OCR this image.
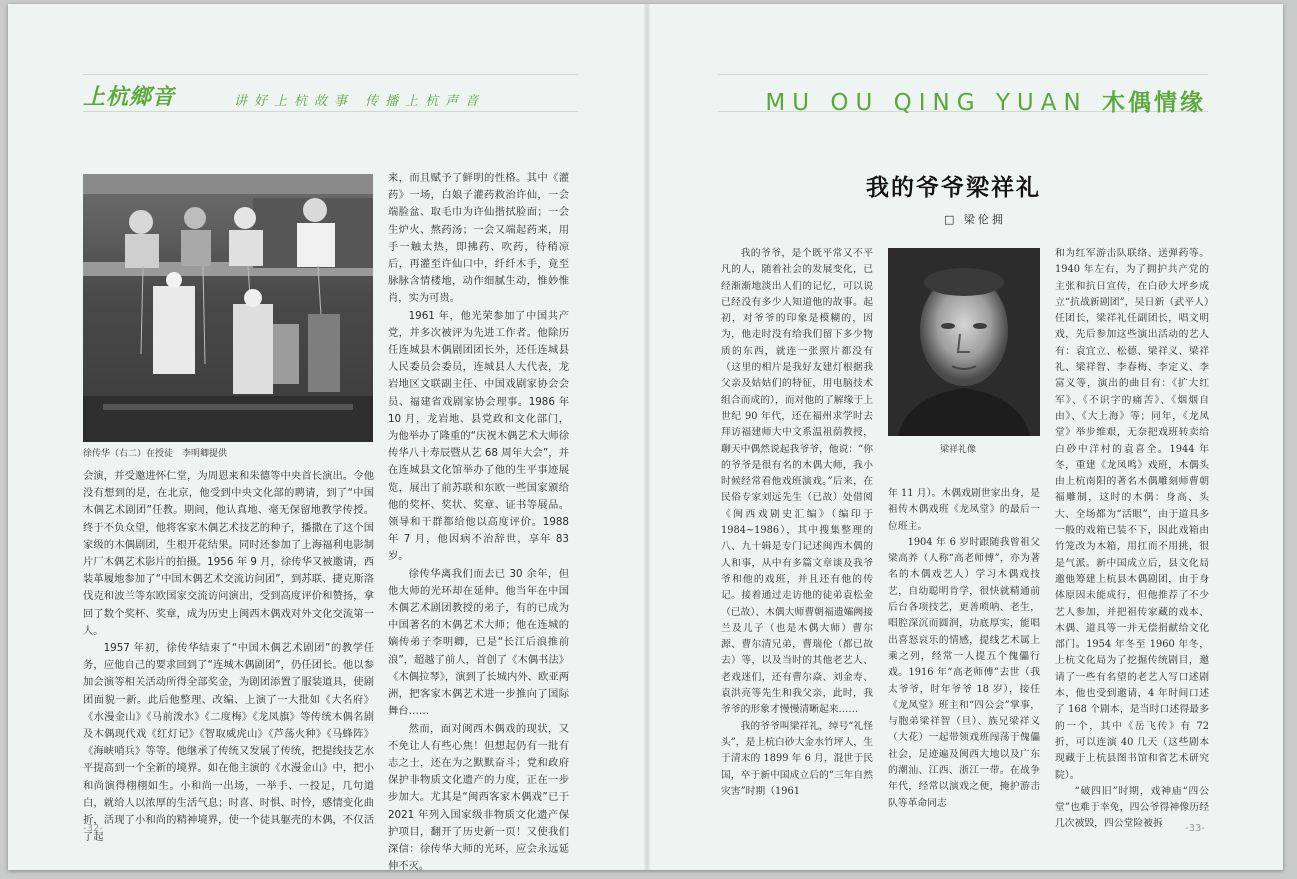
上杭鄉音	讲好上杭故事 传播上杭声音
徐传华（右二）在授徒　李明卿提供

会演，并受邀进怀仁堂，为周恩来和朱德等中央首长演出。令他没有想到的是，在北京，他受到中央文化部的聘请，到了“中国木偶艺术剧团”任教。期间，他认真地、毫无保留地教学传授。终于不负众望，他将客家木偶艺术技艺的种子，播撒在了这个国家级的木偶剧团，生根开花结果。同时还参加了上海福利电影制片厂木偶艺术影片的拍摄。1956 年 9 月，徐传华又被邀请，西装革履地参加了“中国木偶艺术交流访问团”，到苏联、捷克斯洛伐克和波兰等东欧国家交流访问演出，受到高度评价和赞扬，拿回了数个奖杯、奖章，成为历史上闽西木偶戏对外文化交流第一人。

1957 年初，徐传华结束了“中国木偶艺术剧团”的教学任务，应他自己的要求回到了“连城木偶剧团”，仍任团长。他以参加会演等相关活动所得全部奖金，为剧团添置了服装道具，使剧团面貌一新。此后他整理、改编、上演了一大批如《大名府》《水漫金山》《马前泼水》《二度梅》《龙凤旗》等传统木偶名剧及木偶现代戏《红灯记》《智取威虎山》《芦荡火种》《马蜂阵》《海峡哨兵》等等。他继承了传统又发展了传统，把提线技艺水平提高到一个全新的境界。如在他主演的《水漫金山》中，把小和尚演得栩栩如生。小和尚一出场，一举手、一投足，几句道白，就给人以浓厚的生活气息；时喜、时惧、时怜，感情变化曲折，活现了小和尚的精神境界，使一个徒具躯壳的木偶，不仅活了起

来，而且赋予了鲜明的性格。其中《灌药》一场，白娘子灌药救治许仙，一会端脸盆、取毛巾为许仙揩拭脸面；一会生炉火、熬药汤；一会又端起药来，用手一触太热，即拂药、吹药，待稍凉后，再灌至许仙口中，纤纤木手，竟至脉脉含情楼地，动作细腻生动，惟妙惟肖，实为可贵。

1961 年，他光荣参加了中国共产党，并多次被评为先进工作者。他除历任连城县木偶剧团团长外，还任连城县人民委员会委员，连城县人大代表，龙岩地区文联副主任、中国戏剧家协会会员、福建省戏剧家协会理事。1986 年 10 月，龙岩地、县党政和文化部门，为他举办了隆重的“庆祝木偶艺术大师徐传华八十寿辰暨从艺 68 周年大会”，并在连城县文化馆举办了他的生平事迹展览，展出了前苏联和东欧一些国家颁给他的奖杯、奖状、奖章、证书等展品。领导和干群都给他以高度评价。1988 年 7 月，他因病不治辞世，享年 83 岁。

徐传华离我们而去已 30 余年，但他大师的光环却在延伸。他当年在中国木偶艺术剧团教授的弟子，有的已成为中国著名的木偶艺术大师；他在连城的嫡传弟子李明卿，已是“长江后浪推前浪”，超越了前人，首创了《木偶书法》《木偶拉琴》，演到了长城内外、欧亚两洲，把客家木偶艺术进一步推向了国际舞台……

然而，面对闽西木偶戏的现状，又不免让人有些心焦！但想起仍有一批有志之士，还在为之默默奋斗；党和政府保护非物质文化遗产的力度，正在一步步加大。尤其是“闽西客家木偶戏”已于 2021 年列入国家级非物质文化遗产保护项目，翻开了历史新一页！又使我们深信：徐传华大师的光环，应会永远延伸不灭。

-32-
MU OU QING YUAN 木偶情缘
我的爷爷梁祥礼
□ 梁伦拥

我的爷爷，是个既平常又不平凡的人，随着社会的发展变化，已经渐渐地淡出人们的记忆，可以说已经没有多少人知道他的故事。起初，对爷爷的印象是模糊的，因为，他走时没有给我们留下多少物质的东西，就连一张照片都没有（这里的相片是我好友建灯根据我父亲及姑姑们的特征，用电脑技术组合而成的），而对他的了解缘于上世纪 90 年代，还在福州求学时去拜访福建师大中文系温祖荫教授，聊天中偶然说起我爷爷，他说：“你的爷爷是很有名的木偶大师，我小时候经常看他戏班演戏。”后来，在民俗专家刘远先生（已故）处借阅《闽西戏剧史汇编》（编印于 1984~1986），其中搜集整理的八、九十辑是专门记述闽西木偶的人和事，从中有多篇文章谈及我爷爷和他的戏班，并且还有他的传记。接着通过走访他的徒弟袁松金（已故）、木偶大师曹朝福遗孀阙接兰及儿子（也是木偶大师）曹尔源、曹尔清兄弟，曹瑞伦（都已故去）等，以及当时的其他老艺人、老戏迷们，还有曹尔焱、刘金寿、袁洪亮等先生和我父亲，此时，我爷爷的形象才慢慢清晰起来……

我的爷爷叫梁祥礼，绰号“礼怪头”，是上杭白砂大金水竹坪人，生于清末的 1899 年 6 月，混世于民国，卒于新中国成立后的“三年自然灾害”时期（1961

梁祥礼像

年 11 月）。木偶戏剧世家出身，是祖传木偶戏班《龙凤堂》的最后一位班主。

1904 年 6 岁时跟随我曾祖父梁高养（人称“高老师傅”，亦为著名的木偶戏艺人）学习木偶戏技艺，自幼聪明肯学，很快就精通前后台各项技艺，更善唢呐、老生，唱腔深沉而圆润，功底厚实，能唱出喜怒哀乐的情感，提线艺术属上乘之列，经常一人提五个傀儡行戏。1916 年“高老师傅”去世（我太爷爷，时年爷爷 18 岁），接任《龙凤堂》班主和“四公会”掌事，与胞弟梁祥智（旦）、族兄梁祥义（大花）一起带领戏班闯荡于傀儡社会，足迹遍及闽西大地以及广东的潮汕、江西、浙江一带。在战争年代，经常以演戏之便，掩护游击队等革命同志

和为红军游击队联络、送弹药等。1940 年左右，为了拥护共产党的主张和抗日宣传，在白砂大坪乡成立“抗战新剧团”，吴日新（武平人）任团长，梁祥礼任副团长，唱文明戏，先后参加这些演出活动的艺人有：袁宜立、松德、梁祥义、梁祥礼、梁祥智、李春梅、李定义、李富义等，演出的曲目有：《扩大红军》、《不识字的痛苦》、《烟烟自由》、《大上海》等；同年，《龙凤堂》举步维艰，无奈把戏班转卖给白砂中洋村的袁喜全。1944 年冬，重建《龙凤鸣》戏班，木偶头由上杭南阳的著名木偶雕刻师曹朝福雕制，这时的木偶：身高、头大、全场都为“活眼”，由于道具多一般的戏箱已装不下，因此戏箱由竹笼改为木箱，用扛而不用挑，很是气派。新中国成立后，县文化局邀他筹建上杭县木偶剧团，由于身体原因未能成行，但他推荐了不少艺人参加，并把祖传家藏的戏本、木偶、道具等一并无偿捐献给文化部门。1954 年冬至 1960 年冬，上杭文化局为了挖掘传统剧目，邀请了一些有名望的老艺人写口述剧本，他也受到邀请，4 年时间口述了 168 个剧本，是当时口述得最多的一个，其中《岳飞传》有 72 折，可以连演 40 几天（这些剧本现藏于上杭县图书馆和省艺术研究院）。

“破四旧”时期，戏神庙“四公堂”也难于幸免，四公爷得神像历经几次被毁，四公堂险被拆	-33-
